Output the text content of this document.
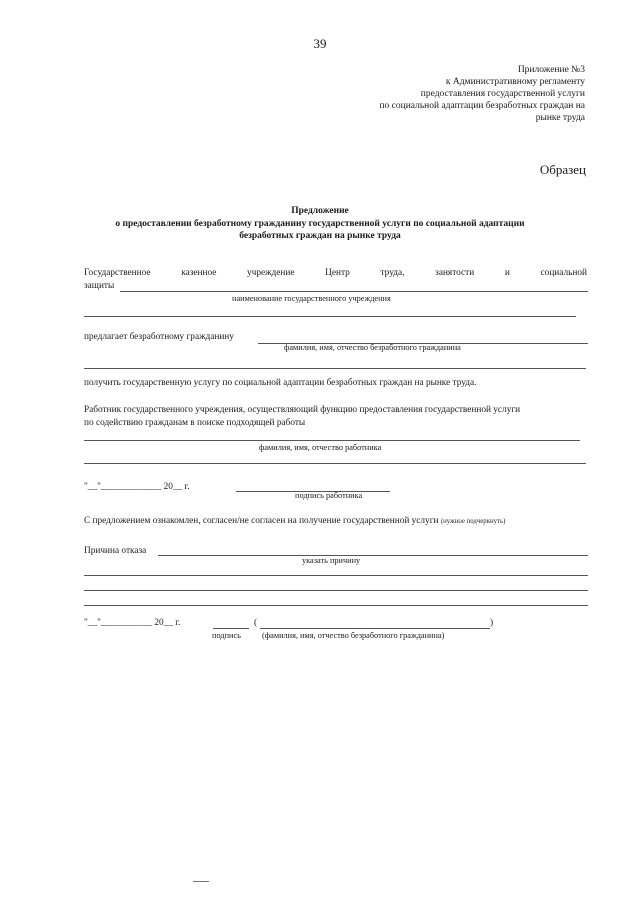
39
Приложение №3
к Административному регламенту
предоставления государственной услуги
по социальной адаптации безработных граждан на
рынке труда
Образец
Предложение
о предоставлении безработному гражданину государственной услуги по социальной адаптации
безработных граждан на рынке труда
Государственное	казенное	учреждение	Центр	труда,	занятости	и	социальной
защиты
наименование государственного учреждения
предлагает безработному гражданину
фамилия, имя, отчество безработного гражданина
получить государственную услугу по социальной адаптации безработных граждан на рынке труда.
Работник государственного учреждения, осуществляющий функцию предоставления государственной услуги
по содействию гражданам в поиске подходящей работы
фамилия, имя, отчество работника
"__"_____________ 20__ г.
подпись работника
С предложением ознакомлен, согласен/не согласен на получение государственной услуги (нужное подчеркнуть)
Причина отказа
указать причину
"__"___________ 20__ г.	(	)
подпись	(фамилия, имя, отчество безработного гражданина)
